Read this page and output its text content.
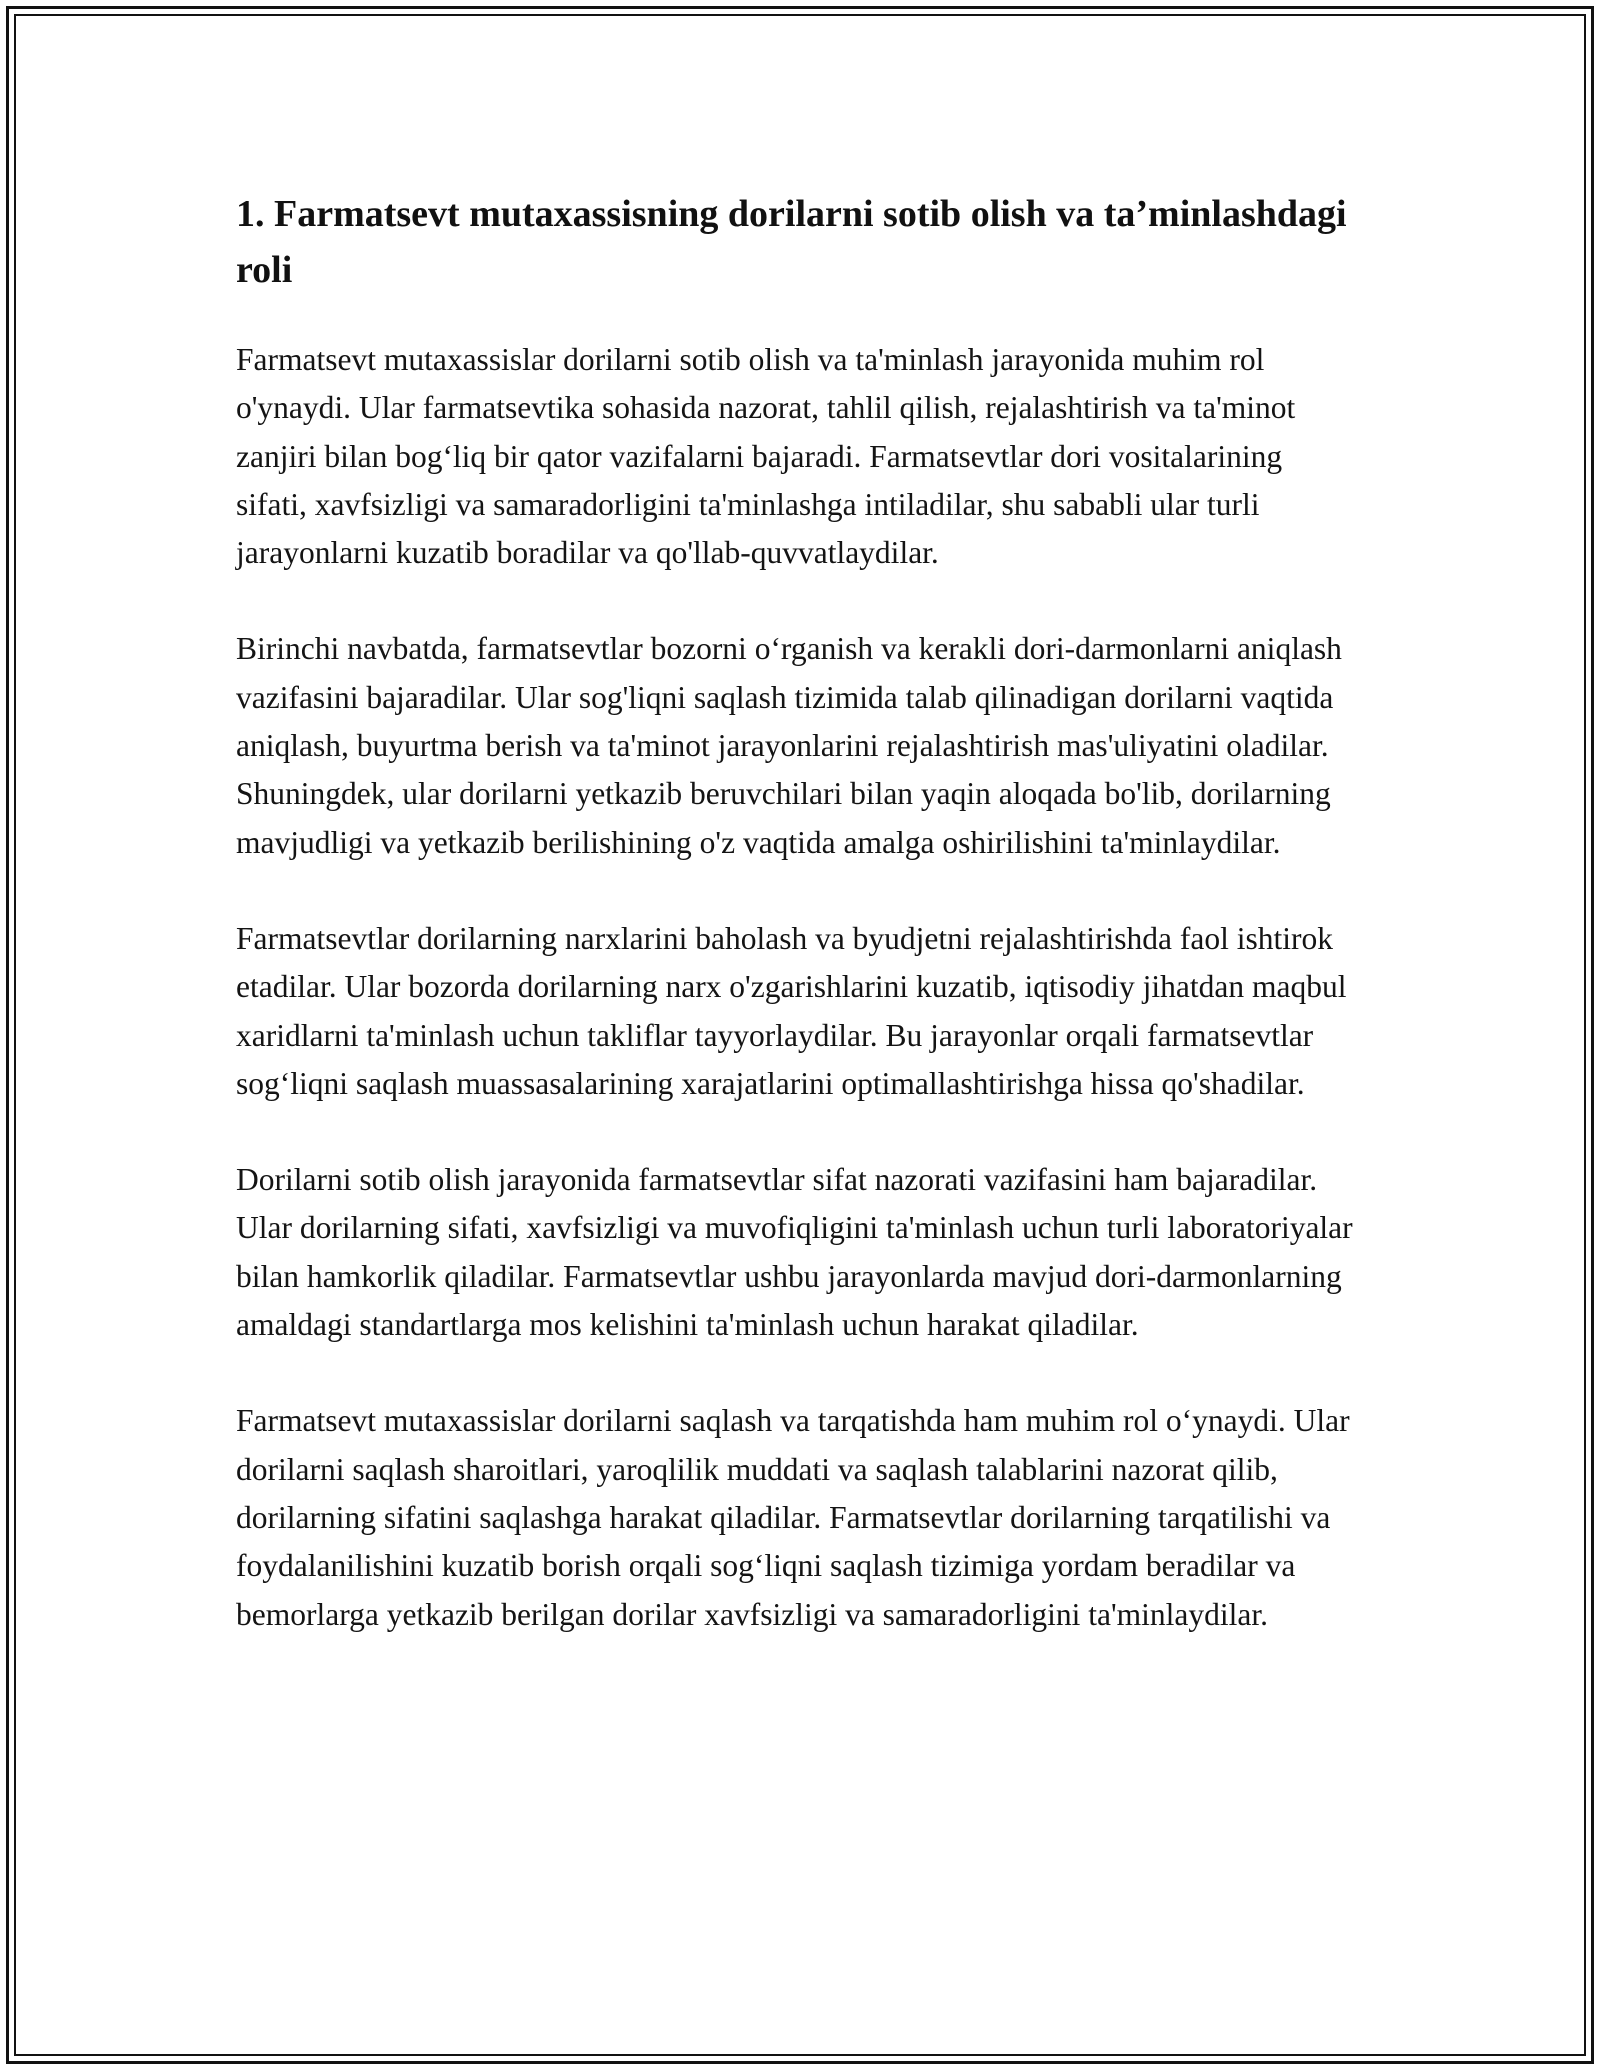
1. Farmatsevt mutaxassisning dorilarni sotib olish va ta’minlashdagi roli

Farmatsevt mutaxassislar dorilarni sotib olish va ta'minlash jarayonida muhim rol o'ynaydi. Ular farmatsevtika sohasida nazorat, tahlil qilish, rejalashtirish va ta'minot zanjiri bilan bog‘liq bir qator vazifalarni bajaradi. Farmatsevtlar dori vositalarining sifati, xavfsizligi va samaradorligini ta'minlashga intiladilar, shu sababli ular turli jarayonlarni kuzatib boradilar va qo'llab-quvvatlaydilar.

Birinchi navbatda, farmatsevtlar bozorni o‘rganish va kerakli dori-darmonlarni aniqlash vazifasini bajaradilar. Ular sog'liqni saqlash tizimida talab qilinadigan dorilarni vaqtida aniqlash, buyurtma berish va ta'minot jarayonlarini rejalashtirish mas'uliyatini oladilar. Shuningdek, ular dorilarni yetkazib beruvchilari bilan yaqin aloqada bo'lib, dorilarning mavjudligi va yetkazib berilishining o'z vaqtida amalga oshirilishini ta'minlaydilar.

Farmatsevtlar dorilarning narxlarini baholash va byudjetni rejalashtirishda faol ishtirok etadilar. Ular bozorda dorilarning narx o'zgarishlarini kuzatib, iqtisodiy jihatdan maqbul xaridlarni ta'minlash uchun takliflar tayyorlaydilar. Bu jarayonlar orqali farmatsevtlar sog‘liqni saqlash muassasalarining xarajatlarini optimallashtirishga hissa qo'shadilar.

Dorilarni sotib olish jarayonida farmatsevtlar sifat nazorati vazifasini ham bajaradilar. Ular dorilarning sifati, xavfsizligi va muvofiqligini ta'minlash uchun turli laboratoriyalar bilan hamkorlik qiladilar. Farmatsevtlar ushbu jarayonlarda mavjud dori-darmonlarning amaldagi standartlarga mos kelishini ta'minlash uchun harakat qiladilar.

Farmatsevt mutaxassislar dorilarni saqlash va tarqatishda ham muhim rol o‘ynaydi. Ular dorilarni saqlash sharoitlari, yaroqlilik muddati va saqlash talablarini nazorat qilib, dorilarning sifatini saqlashga harakat qiladilar. Farmatsevtlar dorilarning tarqatilishi va foydalanilishini kuzatib borish orqali sog‘liqni saqlash tizimiga yordam beradilar va bemorlarga yetkazib berilgan dorilar xavfsizligi va samaradorligini ta'minlaydilar.
